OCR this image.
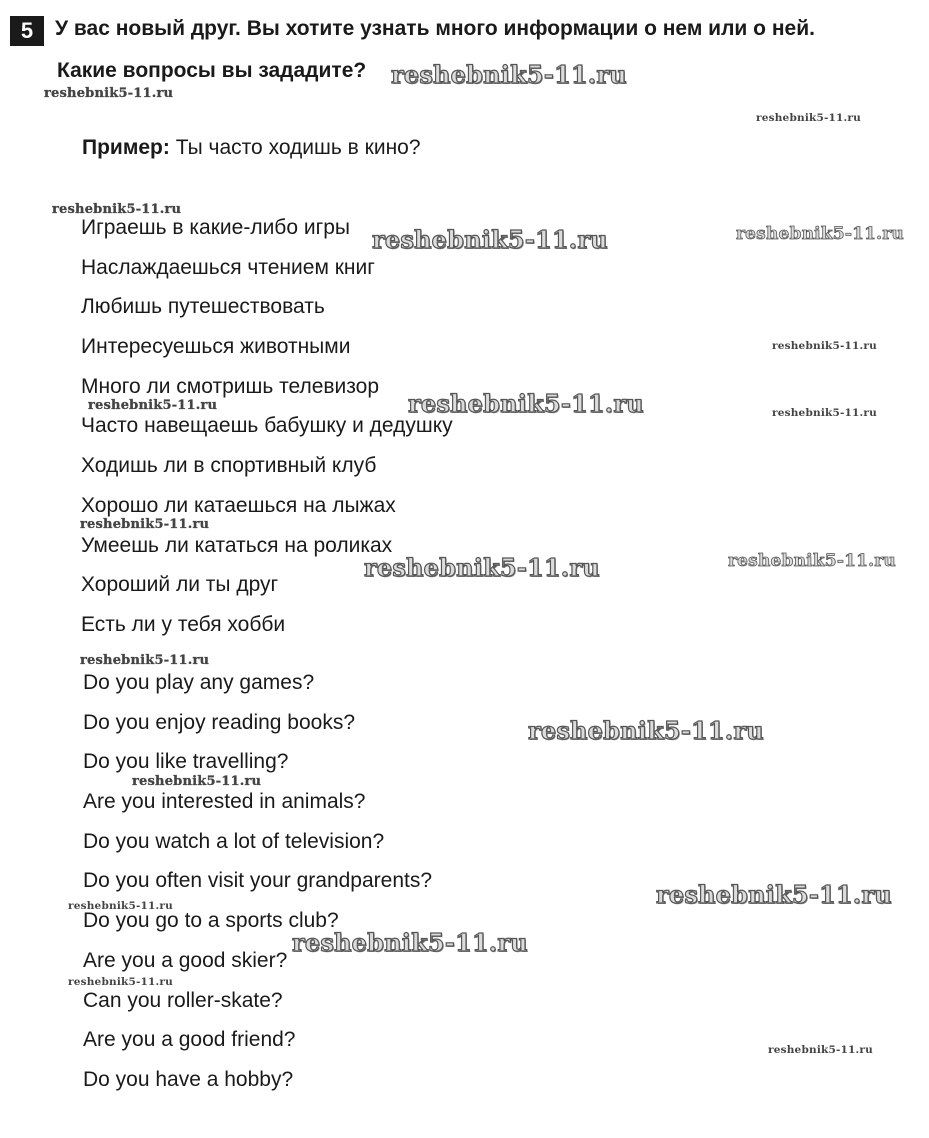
5	У вас новый друг. Вы хотите узнать много информации о нем или о ней.
Какие вопросы вы зададите?
Пример: Ты часто ходишь в кино?
Играешь в какие-либо игры
Наслаждаешься чтением книг
Любишь путешествовать
Интересуешься животными
Много ли смотришь телевизор
Часто навещаешь бабушку и дедушку
Ходишь ли в спортивный клуб
Хорошо ли катаешься на лыжах
Умеешь ли кататься на роликах
Хороший ли ты друг
Есть ли у тебя хобби
Do you play any games?
Do you enjoy reading books?
Do you like travelling?
Are you interested in animals?
Do you watch a lot of television?
Do you often visit your grandparents?
Do you go to a sports club?
Are you a good skier?
Can you roller-skate?
Are you a good friend?
Do you have a hobby?
reshebnik5-11.ru
reshebnik5-11.ru
reshebnik5-11.ru
reshebnik5-11.ru
reshebnik5-11.ru	reshebnik5-11.ru
reshebnik5-11.ru
reshebnik5-11.ru
reshebnik5-11.ru	reshebnik5-11.ru
reshebnik5-11.ru
reshebnik5-11.ru	reshebnik5-11.ru
reshebnik5-11.ru
reshebnik5-11.ru
reshebnik5-11.ru
reshebnik5-11.ru
reshebnik5-11.ru
reshebnik5-11.ru
reshebnik5-11.ru
reshebnik5-11.ru
